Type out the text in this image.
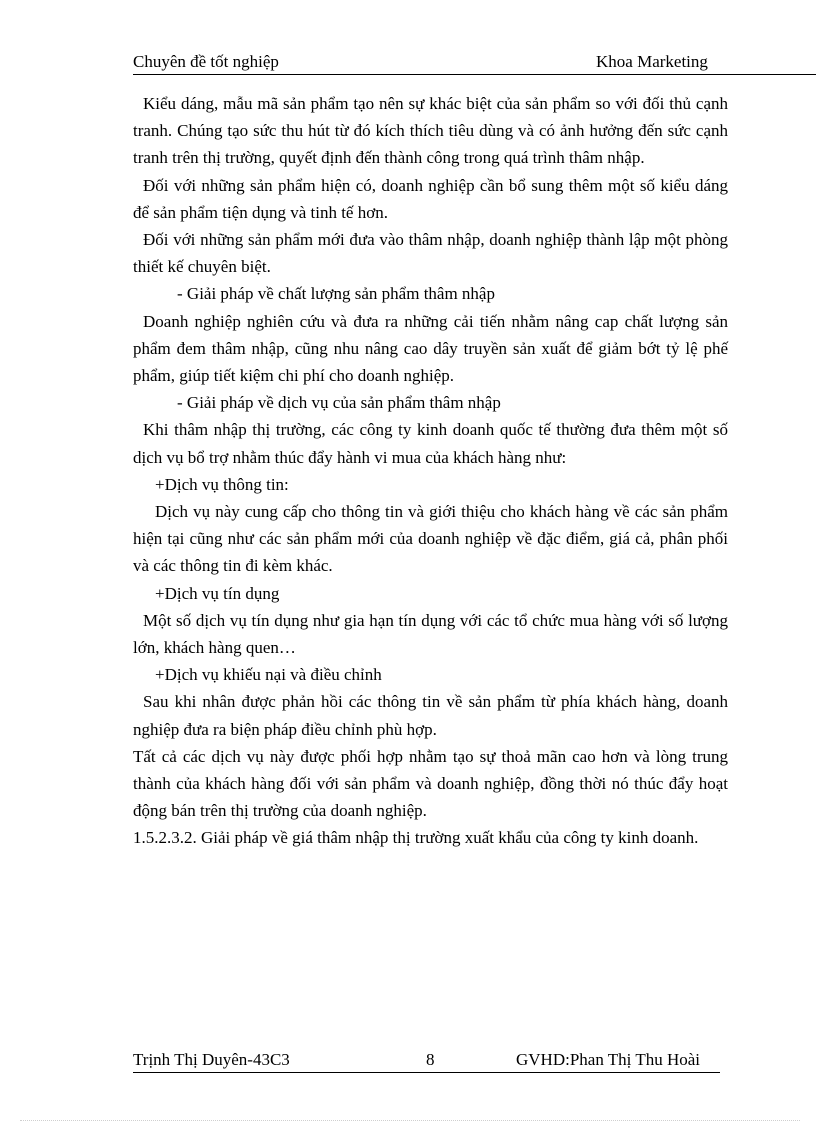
Chuyên đề tốt nghiệp	Khoa Marketing

Kiểu dáng, mẫu mã sản phẩm tạo nên sự khác biệt của sản phẩm so với đối thủ cạnh tranh. Chúng tạo sức thu hút từ đó kích thích tiêu dùng và có ảnh hưởng đến sức cạnh tranh trên thị trường, quyết định đến thành công trong quá trình thâm nhập.

Đối với những sản phẩm hiện có, doanh nghiệp cần bổ sung thêm một số kiểu dáng để sản phẩm tiện dụng và tinh tế hơn.

Đối với những sản phẩm mới đưa vào thâm nhập, doanh nghiệp thành lập một phòng thiết kế chuyên biệt.

- Giải pháp về chất lượng sản phẩm thâm nhập

Doanh nghiệp nghiên cứu và đưa ra những cải tiến nhằm nâng cap chất lượng sản phẩm đem thâm nhập, cũng nhu nâng cao dây truyền sản xuất để giảm bớt tỷ lệ phế phẩm, giúp tiết kiệm chi phí cho doanh nghiệp.

- Giải pháp về dịch vụ của sản phẩm thâm nhập

Khi thâm nhập thị trường, các công ty kinh doanh quốc tế thường đưa thêm một số dịch vụ bổ trợ nhằm thúc đẩy hành vi mua của khách hàng như:

+Dịch vụ thông tin:

Dịch vụ này cung cấp cho thông tin và giới thiệu cho khách hàng về các sản phẩm hiện tại cũng như các sản phẩm mới của doanh nghiệp về đặc điểm, giá cả, phân phối và các thông tin đi kèm khác.

+Dịch vụ tín dụng

Một số dịch vụ tín dụng như gia hạn tín dụng với các tổ chức mua hàng với số lượng lớn, khách hàng quen…

+Dịch vụ khiếu nại và điều chỉnh

Sau khi nhân được phản hồi các thông tin về sản phẩm từ phía khách hàng, doanh nghiệp đưa ra biện pháp điều chỉnh phù hợp.

Tất cả các dịch vụ này được phối hợp nhằm tạo sự thoả mãn cao hơn và lòng trung thành của khách hàng đối với sản phẩm và doanh nghiệp, đồng thời nó thúc đẩy hoạt động bán trên thị trường của doanh nghiệp.

1.5.2.3.2. Giải pháp về giá thâm nhập thị trường xuất khẩu của công ty kinh doanh.

Trịnh Thị Duyên-43C3	8	GVHD:Phan Thị Thu Hoài
